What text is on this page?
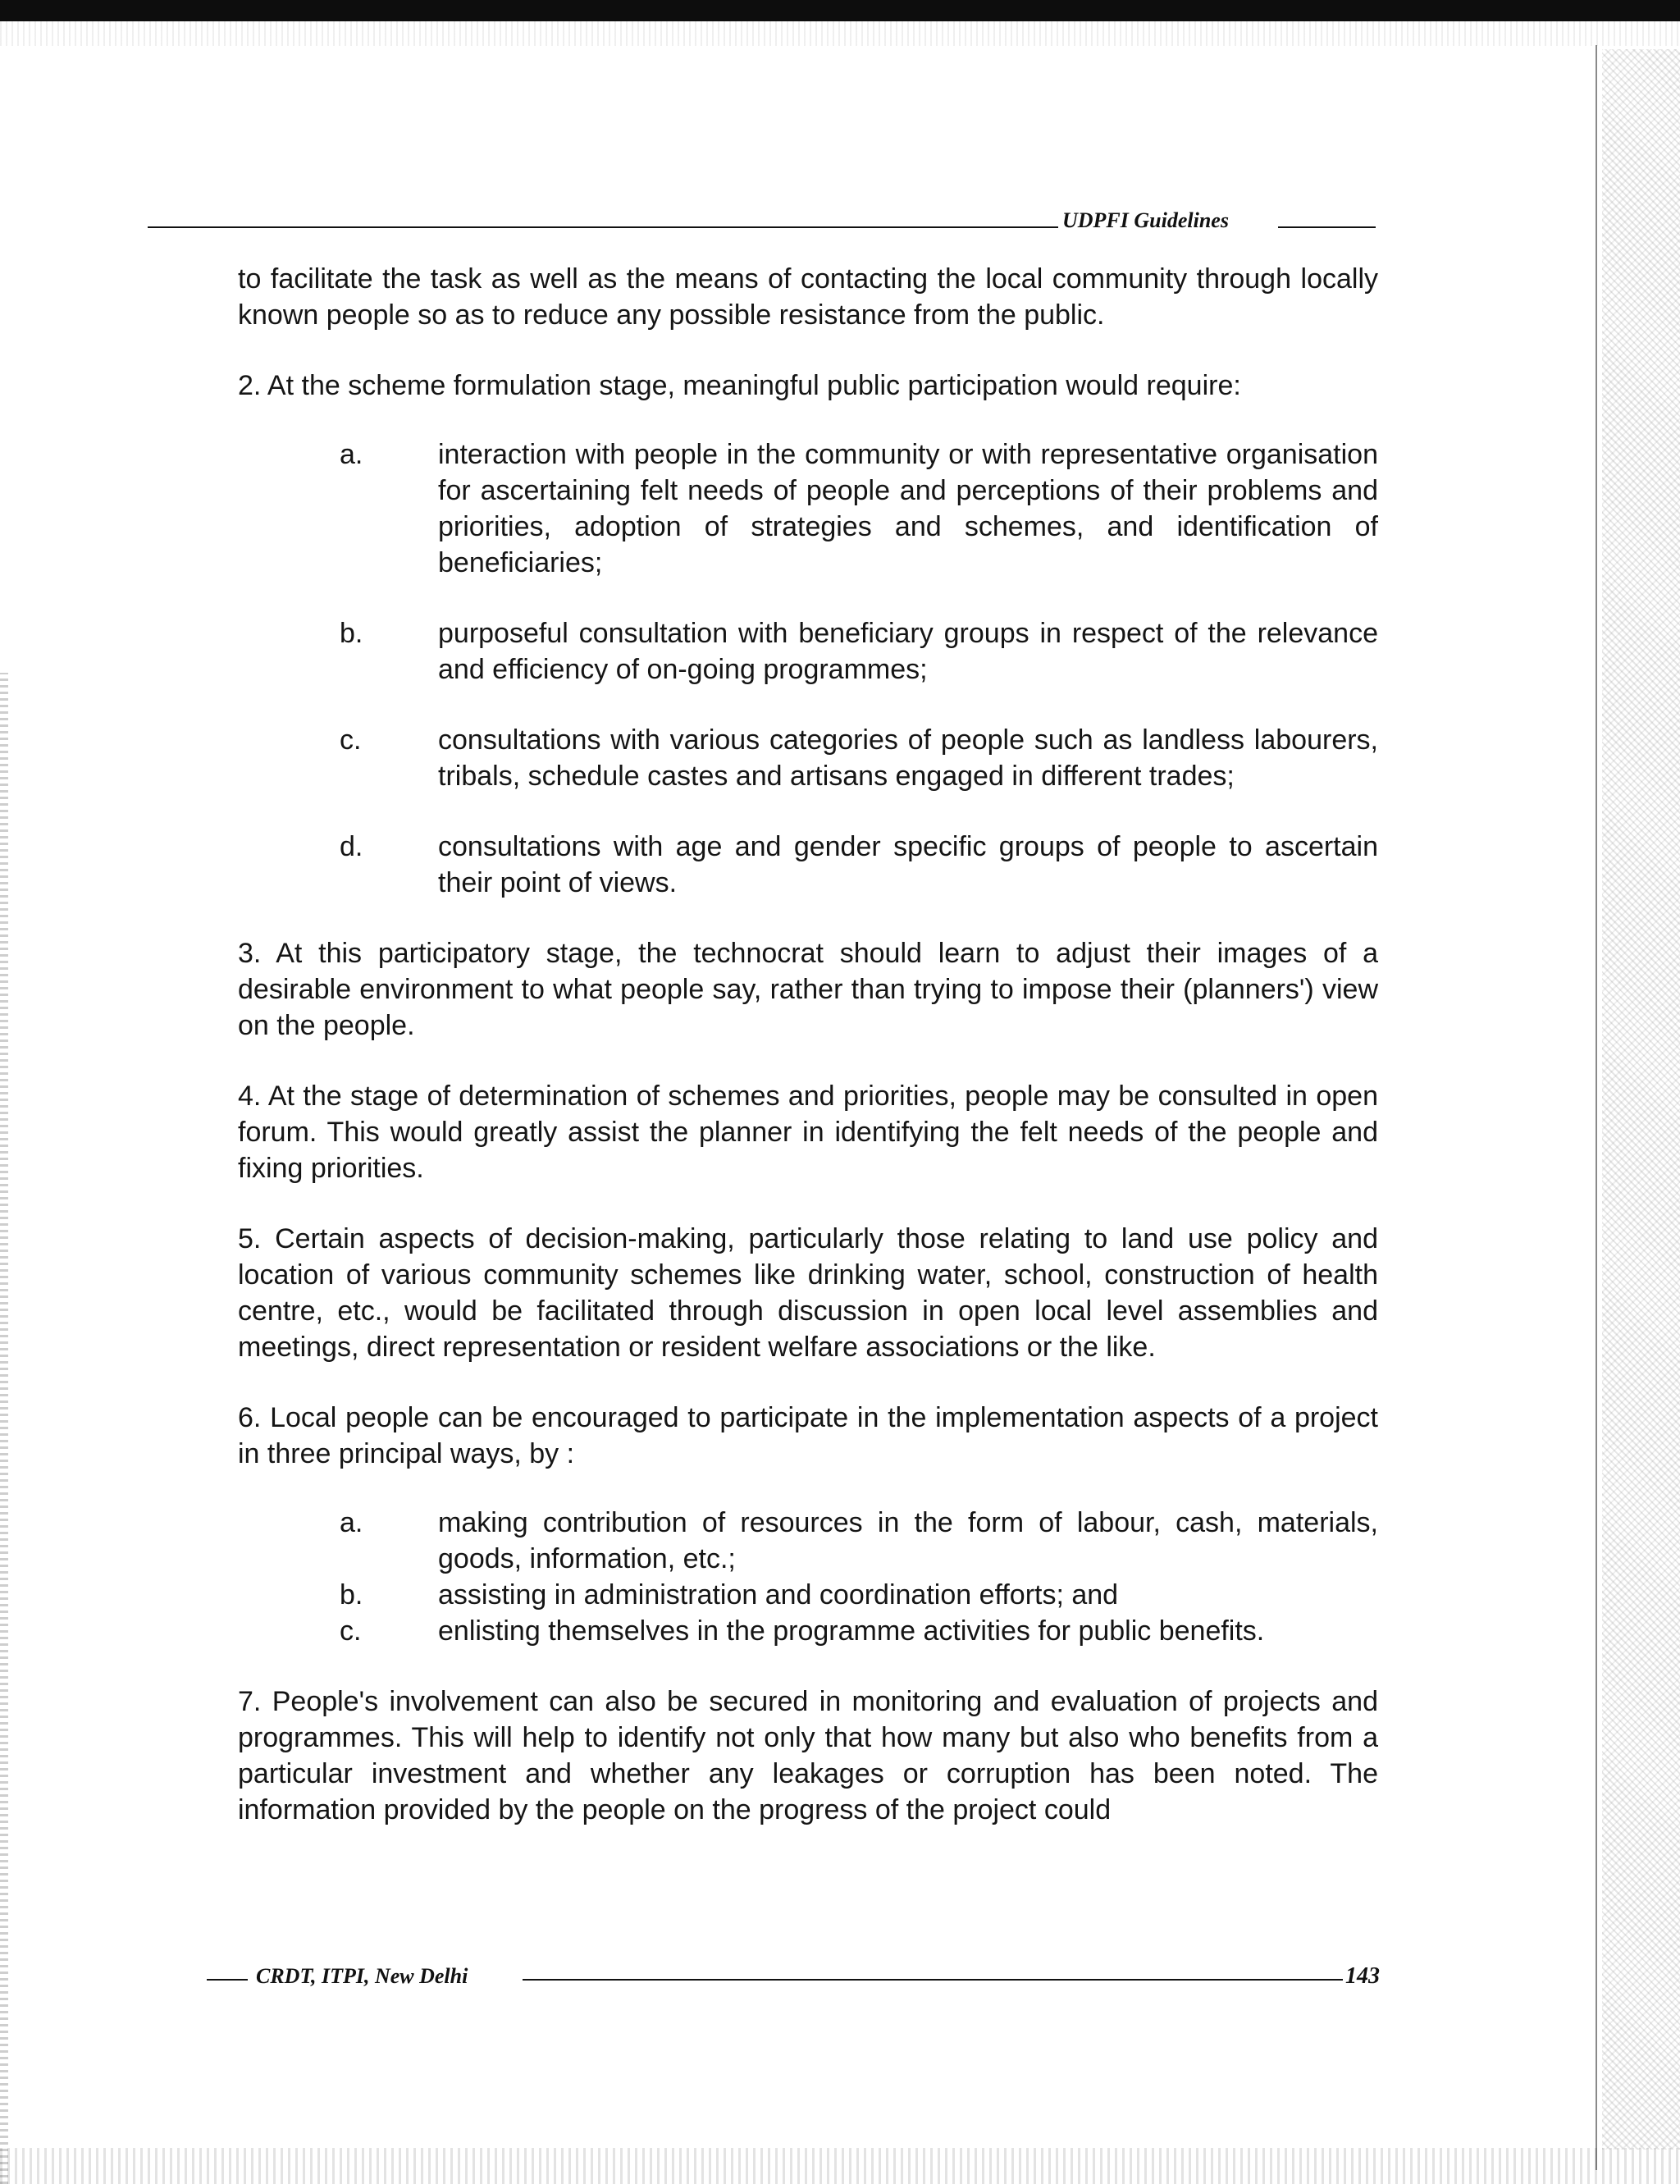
UDPFI Guidelines

to facilitate the task as well as the means of contacting the local community through locally known people so as to reduce any possible resistance from the public.

2. At the scheme formulation stage, meaningful public participation would require:

a.	interaction with people in the community or with representative organisation for ascertaining felt needs of people and perceptions of their problems and priorities, adoption of strategies and schemes, and identification of beneficiaries;
b.	purposeful consultation with beneficiary groups in respect of the relevance and efficiency of on-going programmes;
c.	consultations with various categories of people such as landless labourers, tribals, schedule castes and artisans engaged in different trades;
d.	consultations with age and gender specific groups of people to ascertain their point of views.

3. At this participatory stage, the technocrat should learn to adjust their images of a desirable environment to what people say, rather than trying to impose their (planners') view on the people.

4. At the stage of determination of schemes and priorities, people may be consulted in open forum. This would greatly assist the planner in identifying the felt needs of the people and fixing priorities.

5. Certain aspects of decision-making, particularly those relating to land use policy and location of various community schemes like drinking water, school, construction of health centre, etc., would be facilitated through discussion in open local level assemblies and meetings, direct representation or resident welfare associations or the like.

6. Local people can be encouraged to participate in the implementation aspects of a project in three principal ways, by :

a.	making contribution of resources in the form of labour, cash, materials, goods, information, etc.;
b.	assisting in administration and coordination efforts; and
c.	enlisting themselves in the programme activities for public benefits.

7. People's involvement can also be secured in monitoring and evaluation of projects and programmes. This will help to identify not only that how many but also who benefits from a particular investment and whether any leakages or corruption has been noted. The information provided by the people on the progress of the project could

CRDT, ITPI, New Delhi	143
